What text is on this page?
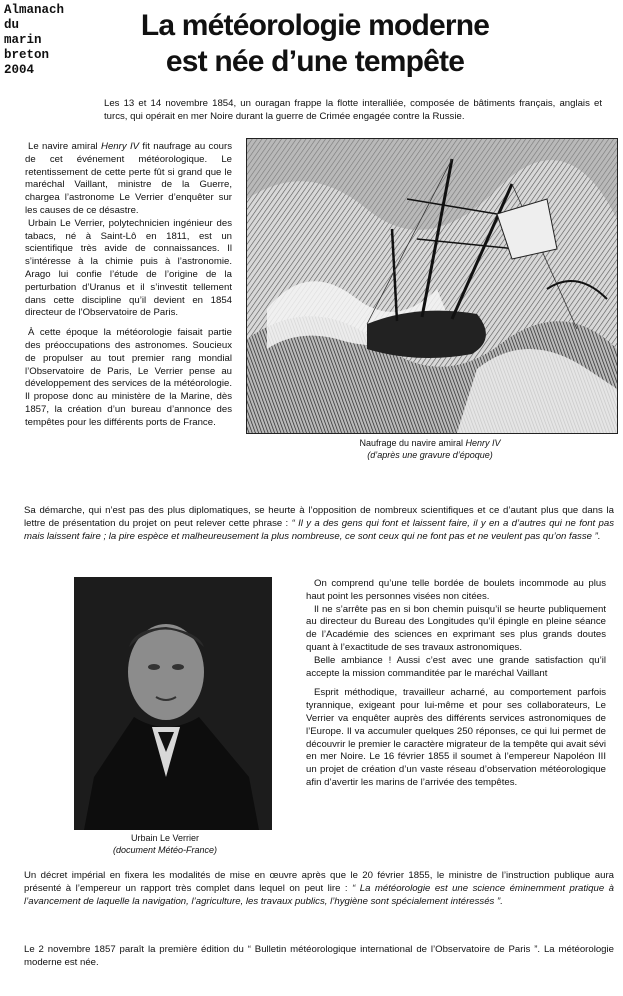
Almanach
du
marin
breton
2004
La météorologie moderne
est née d’une tempête

Les 13 et 14 novembre 1854, un ouragan frappe la flotte interalliée, composée de bâtiments français, anglais et turcs, qui opérait en mer Noire durant la guerre de Crimée engagée contre la Russie.

Le navire amiral Henry IV fit naufrage au cours de cet événement météorologique. Le retentissement de cette perte fût si grand que le maréchal Vaillant, ministre de la Guerre, chargea l’astronome Le Verrier d’enquêter sur les causes de ce désastre.

Urbain Le Verrier, polytechnicien ingénieur des tabacs, né à Saint-Lô en 1811, est un scientifique très avide de connaissances. Il s’intéresse à la chimie puis à l’astronomie. Arago lui confie l’étude de l’origine de la perturbation d’Uranus et il s’investit tellement dans cette discipline qu’il devient en 1854 directeur de l’Observatoire de Paris.

À cette époque la météorologie faisait partie des préoccupations des astronomes. Soucieux de propulser au tout premier rang mondial l’Observatoire de Paris, Le Verrier pense au développement des services de la météorologie. Il propose donc au ministère de la Marine, dès 1857, la création d’un bureau d’annonce des tempêtes pour les différents ports de France.

Naufrage du navire amiral Henry IV
(d’après une gravure d’époque)

Sa démarche, qui n’est pas des plus diplomatiques, se heurte à l’opposition de nombreux scientifiques et ce d’autant plus que dans la lettre de présentation du projet on peut relever cette phrase : “ Il y a des gens qui font et laissent faire, il y en a d’autres qui ne font pas mais laissent faire ; la pire espèce et malheureusement la plus nombreuse, ce sont ceux qui ne font pas et ne veulent pas qu’on fasse ”.

Urbain Le Verrier
(document Météo-France)

On comprend qu’une telle bordée de boulets incommode au plus haut point les personnes visées non citées.

Il ne s’arrête pas en si bon chemin puisqu’il se heurte publiquement au directeur du Bureau des Longitudes qu’il épingle en pleine séance de l’Académie des sciences en exprimant ses plus grands doutes quant à l’exactitude de ses travaux astronomiques.

Belle ambiance ! Aussi c’est avec une grande satisfaction qu’il accepte la mission commanditée par le maréchal Vaillant

Esprit méthodique, travailleur acharné, au comportement parfois tyrannique, exigeant pour lui-même et pour ses collaborateurs, Le Verrier va enquêter auprès des différents services astronomiques de l’Europe. Il va accumuler quelques 250 réponses, ce qui lui permet de découvrir le premier le caractère migrateur de la tempête qui avait sévi en mer Noire. Le 16 février 1855 il soumet à l’empereur Napoléon III un projet de création d’un vaste réseau d’observation météorologique afin d’avertir les marins de l’arrivée des tempêtes.

Un décret impérial en fixera les modalités de mise en œuvre après que le 20 février 1855, le ministre de l’instruction publique aura présenté à l’empereur un rapport très complet dans lequel on peut lire : “ La météorologie est une science éminemment pratique à l’avancement de laquelle la navigation, l’agriculture, les travaux publics, l’hygiène sont spécialement intéressés ”.

Le 2 novembre 1857 paraît la première édition du “ Bulletin météorologique international de l’Observatoire de Paris ”. La météorologie moderne est née.
